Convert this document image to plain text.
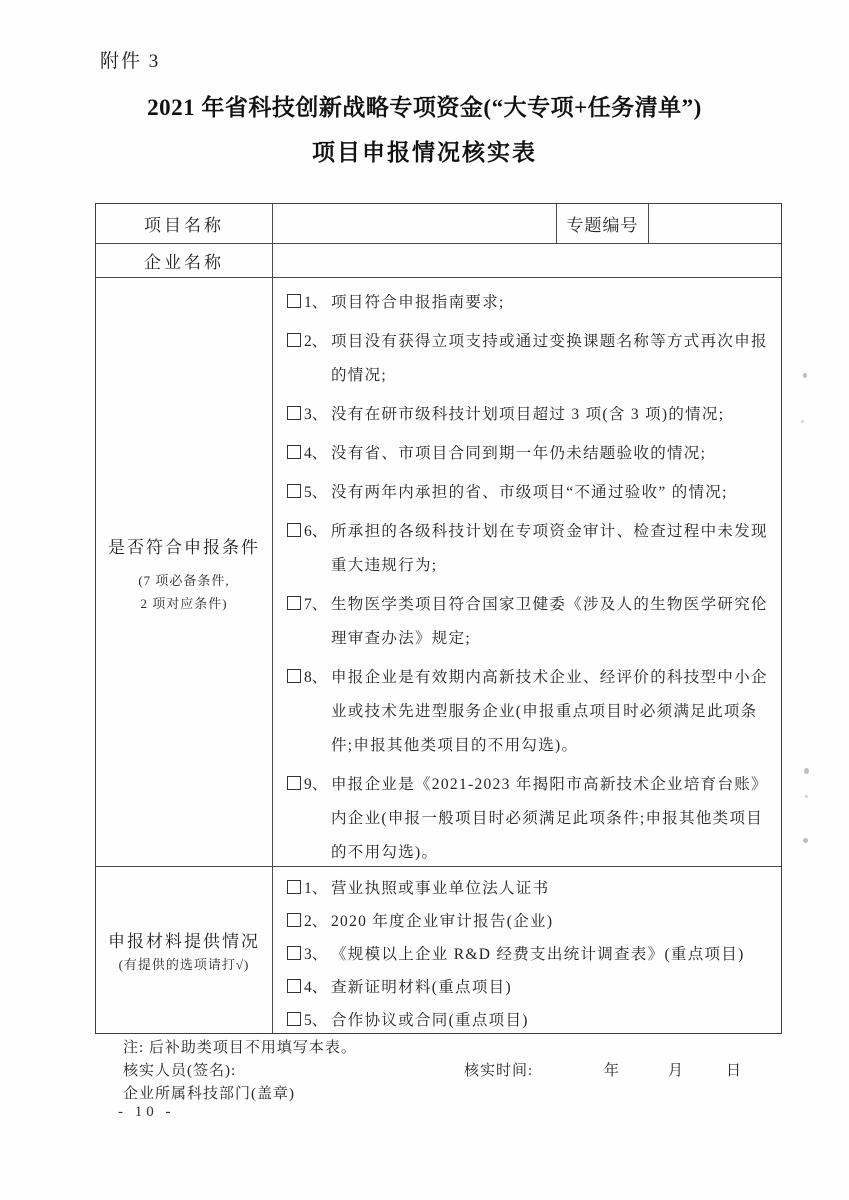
附件 3
2021 年省科技创新战略专项资金(“大专项+任务清单”)
项目申报情况核实表
项目名称	专题编号
企业名称
是否符合申报条件
(7 项必备条件,
2 项对应条件)
1、 项目符合申报指南要求;
2、 项目没有获得立项支持或通过变换课题名称等方式再次申报的情况;
3、 没有在研市级科技计划项目超过 3 项(含 3 项)的情况;
4、 没有省、市项目合同到期一年仍未结题验收的情况;
5、 没有两年内承担的省、市级项目“不通过验收” 的情况;
6、 所承担的各级科技计划在专项资金审计、检查过程中未发现重大违规行为;
7、 生物医学类项目符合国家卫健委《涉及人的生物医学研究伦理审查办法》规定;
8、 申报企业是有效期内高新技术企业、经评价的科技型中小企业或技术先进型服务企业(申报重点项目时必须满足此项条件;申报其他类项目的不用勾选)。
9、 申报企业是《2021-2023 年揭阳市高新技术企业培育台账》内企业(申报一般项目时必须满足此项条件;申报其他类项目的不用勾选)。
申报材料提供情况
(有提供的选项请打√)
1、 营业执照或事业单位法人证书
2、 2020 年度企业审计报告(企业)
3、 《规模以上企业 R&D 经费支出统计调查表》(重点项目)
4、 查新证明材料(重点项目)
5、 合作协议或合同(重点项目)
注: 后补助类项目不用填写本表。
核实人员(签名):	核实时间:	年	月	日
企业所属科技部门(盖章)
- 10 -
